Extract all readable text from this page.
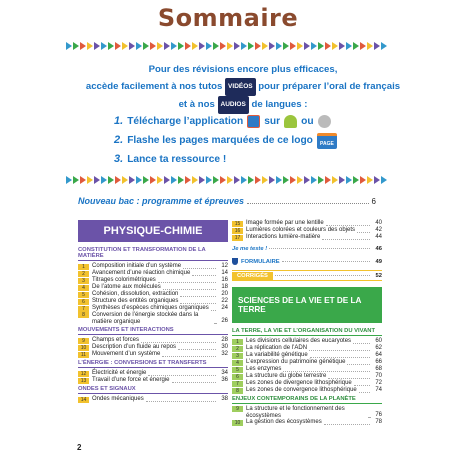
Sommaire
Pour des révisions encore plus efficaces,
accède facilement à nos tutos VIDÉOS pour préparer l’oral de français
et à nos AUDIOS de langues :
1. Télécharge l’application sur ou
2. Flashe les pages marquées de ce logo	PAGE
3. Lance ta ressource !
Nouveau bac : programme et épreuves	6
PHYSIQUE-CHIMIE
CONSTITUTION ET TRANSFORMATION DE LA MATIÈRE
1	Composition initiale d’un système	12
2	Avancement d’une réaction chimique	14
3	Titrages colorimétriques	16
4	De l’atome aux molécules	18
5	Cohésion, dissolution, extraction	20
6	Structure des entités organiques	22
7	Synthèses d’espèces chimiques organiques	24
8	Conversion de l’énergie stockée dans la matière organique	26
MOUVEMENTS ET INTERACTIONS
9	Champs et forces	28
10 Description d’un fluide au repos	30
11 Mouvement d’un système	32
L’ÉNERGIE : CONVERSIONS ET TRANSFERTS
12 Électricité et énergie	34
13 Travail d’une force et énergie	36
ONDES ET SIGNAUX
14 Ondes mécaniques	38
15 Image formée par une lentille	40
16 Lumières colorées et couleurs des objets	42
17 Interactions lumière-matière	44
Je me teste !	46
FORMULAIRE	49
CORRIGÉS	52
SCIENCES DE LA VIE ET DE LA TERRE
LA TERRE, LA VIE ET L’ORGANISATION DU VIVANT
1	Les divisions cellulaires des eucaryotes	60
2	La réplication de l’ADN	62
3	La variabilité génétique	64
4	L’expression du patrimoine génétique	66
5	Les enzymes	68
6	La structure du globe terrestre	70
7	Les zones de divergence lithosphérique	72
8	Les zones de convergence lithosphérique	74
ENJEUX CONTEMPORAINS DE LA PLANÈTE
9	La structure et le fonctionnement des écosystèmes	76
10 La gestion des écosystèmes	78
2
